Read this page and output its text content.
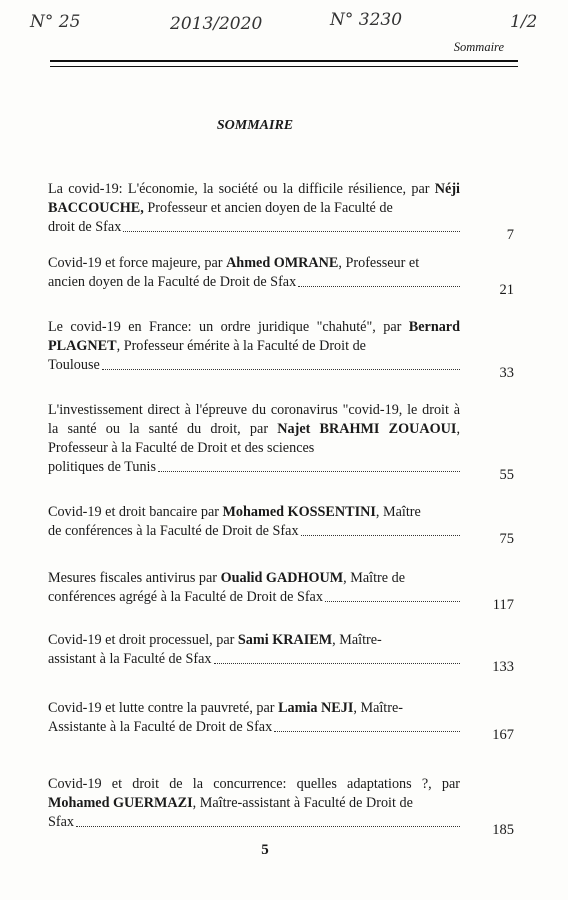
N° 25	2013/2020	N° 3230	1/2
Sommaire
SOMMAIRE
La covid-19: L'économie, la société ou la difficile résilience, par Néji BACCOUCHE, Professeur et ancien doyen de la Faculté de
droit de Sfax	7
Covid-19 et force majeure, par Ahmed OMRANE, Professeur et
ancien doyen de la Faculté de Droit de Sfax	21
Le covid-19 en France: un ordre juridique "chahuté", par Bernard PLAGNET, Professeur émérite à la Faculté de Droit de
Toulouse	33
L'investissement direct à l'épreuve du coronavirus "covid-19, le droit à la santé ou la santé du droit, par Najet BRAHMI ZOUAOUI, Professeur à la Faculté de Droit et des sciences
politiques de Tunis	55
Covid-19 et droit bancaire par Mohamed KOSSENTINI, Maître
de conférences à la Faculté de Droit de Sfax	75
Mesures fiscales antivirus par Oualid GADHOUM, Maître de
conférences agrégé à la Faculté de Droit de Sfax	117
Covid-19 et droit processuel, par Sami KRAIEM, Maître-
assistant à la Faculté de Sfax	133
Covid-19 et lutte contre la pauvreté, par Lamia NEJI, Maître-
Assistante à la Faculté de Droit de Sfax	167
Covid-19 et droit de la concurrence: quelles adaptations ?, par Mohamed GUERMAZI, Maître-assistant à Faculté de Droit de
Sfax	185
5
